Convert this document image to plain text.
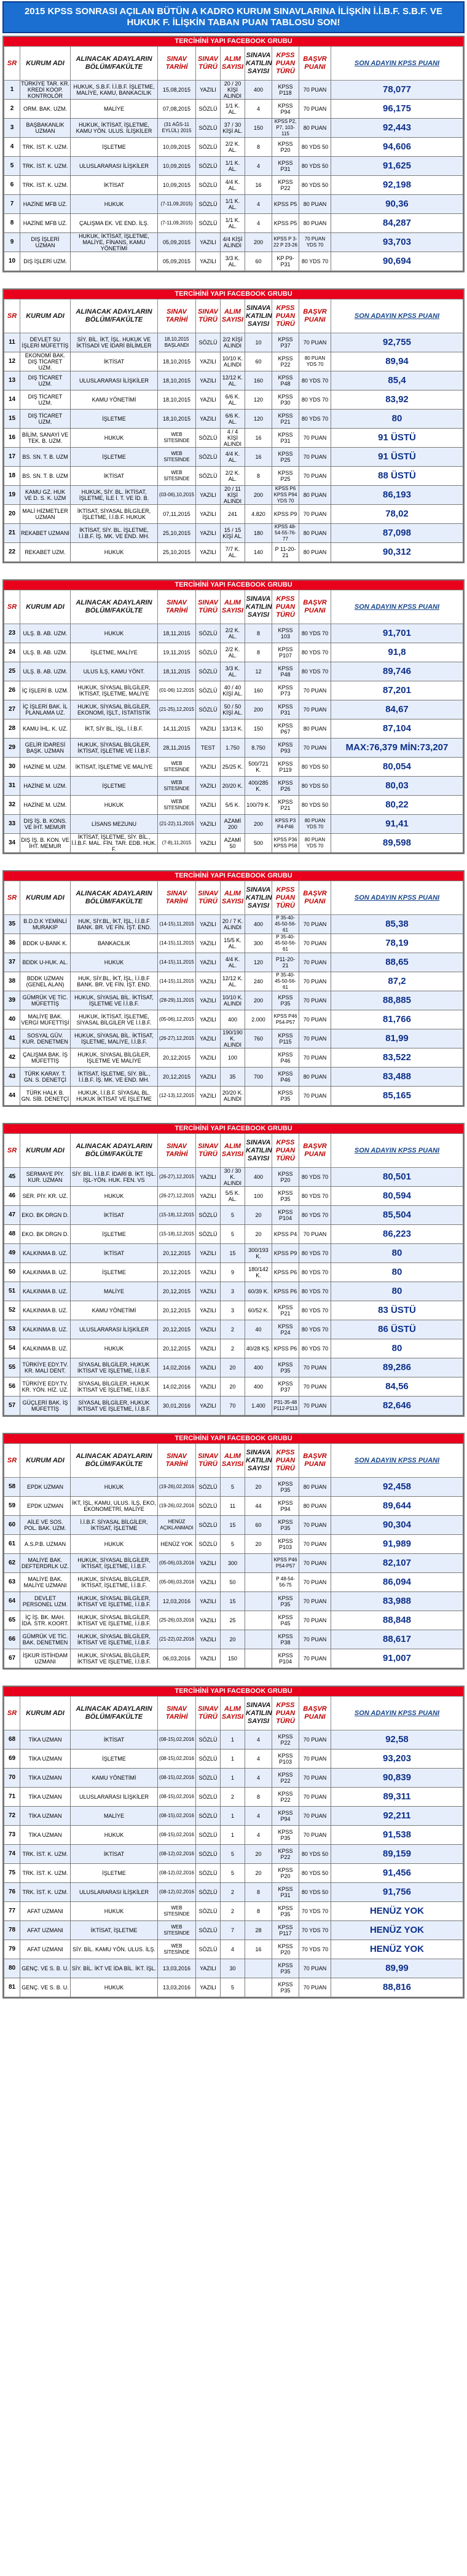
2015 KPSS SONRASI AÇILAN BÜTÜN A KADRO KURUM SINAVLARINA İLİŞKİN İ.İ.B.F. S.B.F. VE HUKUK F. İLİŞKİN TABAN PUAN TABLOSU SON!
TERCİHİNİ YAPI FACEBOOK GRUBU
SR	KURUM ADI	ALINACAK ADAYLARIN BÖLÜM/FAKÜLTE	SINAV TARİHİ	SINAV TÜRÜ	ALIM SAYISI	SINAVA KATILIN SAYISI	KPSS PUAN TÜRÜ	BAŞVR PUANI	SON ADAYIN KPSS PUANI
1	TÜRKİYE TAR. KR. KREDİ KOOP. KONTROLÖR	HUKUK, S.B.F. İ.İ.B.F. İŞLETME, MALİYE, KAMU, BANKACILIK	15,08,2015	YAZILI	20 / 20 KİŞİ ALINDI	400	KPSS P118	70 PUAN	78,077
2	ORM. BAK. UZM.	MALİYE	07,08,2015	SÖZLÜ	1/1 K. AL.	4	KPSS P94	70 PUAN	96,175
3	BAŞBAKANLIK UZMAN	HUKUK, İKTİSAT, İŞLETME, KAMU YÖN. ULUS. İLİŞKİLER	(31 AĞS-11 EYLÜL) 2015	SÖZLÜ	37 / 30 KİŞİ AL.	150	KPSS P2, P7, 103-115	80 PUAN	92,443
4	TRK. İST. K. UZM.	İŞLETME	10,09,2015	SÖZLÜ	2/2 K. AL.	8	KPSS P20	80 YDS 50	94,606
5	TRK. İST. K. UZM.	ULUSLARARASI İLİŞKİLER	10,09,2015	SÖZLÜ	1/1 K. AL.	4	KPSS P31	80 YDS 50	91,625
6	TRK. İST. K. UZM.	İKTİSAT	10,09,2015	SÖZLÜ	4/4 K. AL.	16	KPSS P22	80 YDS 50	92,198
7	HAZİNE MFB UZ.	HUKUK	(7-11,09,2015)	SÖZLÜ	1/1 K. AL.	4	KPSS P5	80 PUAN	90,36
8	HAZİNE MFB UZ.	ÇALIŞMA EK. VE END. İLŞ.	(7-11,09,2015)	SÖZLÜ	1/1 K. AL.	4	KPSS P5	80 PUAN	84,287
9	DIŞ İŞLERİ UZMAN	HUKUK, İKTİSAT, İŞLETME, MALİYE, FİNANS, KAMU YÖNETİMİ	05,09,2015	YAZILI	4/4 KİŞİ ALINDI	200	KPSS P 3-22 P 23-26	70 PUAN YDS 70	93,703
10	DIŞ İŞLERİ UZM.		05,09,2015	YAZILI	3/3 K. AL.	60	KP P9-P31	80 YDS 70	90,694
TERCİHİNİ YAPI FACEBOOK GRUBU
SR	KURUM ADI	ALINACAK ADAYLARIN BÖLÜM/FAKÜLTE	SINAV TARİHİ	SINAV TÜRÜ	ALIM SAYISI	SINAVA KATILIN SAYISI	KPSS PUAN TÜRÜ	BAŞVR PUANI	SON ADAYIN KPSS PUANI
11	DEVLET SU İŞLERİ MÜFETTİŞ	SİY. BİL. İKT, İŞL. HUKUK VE İKTİSADİ VE İDARİ BİLİMLER	18,10,2015 BAŞLANDI	SÖZLÜ	2/2 KİŞİ ALINDI	10	KPSS P37	70 PUAN	92,755
12	EKONOMİ BAK. DIŞ TİCARET UZM.	İKTİSAT	18,10,2015	YAZILI	10/10 K. ALINDI	60	KPSS P22	80 PUAN YDS 70	89,94
13	DIŞ TİCARET UZM.	ULUSLARARASI İLİŞKİLER	18,10,2015	YAZILI	12/12 K. AL.	160	KPSS P48	80 YDS 70	85,4
14	DIŞ TİCARET UZM.	KAMU YÖNETİMİ	18,10,2015	YAZILI	6/6 K. AL.	120	KPSS P30	80 YDS 70	83,92
15	DIŞ TİCARET UZM.	İŞLETME	18,10,2015	YAZILI	6/6 K. AL.	120	KPSS P21	80 YDS 70	80
16	BİLİM, SANAYİ VE TEK. B. UZM.	HUKUK	WEB SİTESİNDE	SÖZLÜ	4 / 4 KİŞİ ALINDI	16	KPSS P31	70 PUAN	91 ÜSTÜ
17	BS. SN. T. B. UZM	İŞLETME	WEB SİTESİNDE	SÖZLÜ	4/4 K. AL.	16	KPSS P25	70 PUAN	91 ÜSTÜ
18	BS. SN. T. B. UZM	İKTİSAT	WEB SİTESİNDE	SÖZLÜ	2/2 K. AL.	8	KPSS P25	70 PUAN	88 ÜSTÜ
19	KAMU GZ. HUK VE D. S. K. UZM	HUKUK, SİY. BL. İKTİSAT, İŞLETME, İLE İ. T. VE İD. B.	(03-06),10,2015	YAZILI	20 / 11 KİŞİ ALINDI	200	KPSS P6 KPSS P94 YDS 70	80 PUAN	86,193
20	MALİ HİZMETLER UZMAN	İKTİSAT, SİYASAL BİLGİLER, İŞLETME, İ.İ.B.F. HUKUK	07,11,2015	YAZILI	241	4.820	KPSS P9	70 PUAN	78,02
21	REKABET UZMANI	İKTİSAT, SİY. BL. İŞLETME, İ.İ.B.F. İŞ. MK. VE END. MH.	25,10,2015	YAZILI	15 / 15 KİŞİ AL.	180	KPSS 48-54-55-76-77	80 PUAN	87,098
22	REKABET UZM.	HUKUK	25,10,2015	YAZILI	7/7 K. AL.	140	P 11-20-21	80 PUAN	90,312
TERCİHİNİ YAPI FACEBOOK GRUBU
SR	KURUM ADI	ALINACAK ADAYLARIN BÖLÜM/FAKÜLTE	SINAV TARİHİ	SINAV TÜRÜ	ALIM SAYISI	SINAVA KATILIN SAYISI	KPSS PUAN TÜRÜ	BAŞVR PUANI	SON ADAYIN KPSS PUANI
23	ULŞ. B. AB. UZM.	HUKUK	18,11,2015	SÖZLÜ	2/2 K. AL.	8	KPSS 103	80 YDS 70	91,701
24	ULŞ. B. AB. UZM.	İŞLETME, MALİYE	19,11,2015	SÖZLÜ	2/2 K. AL.	8	KPSS P107	80 YDS 70	91,8
25	ULŞ. B. AB. UZM.	ULUS İLŞ, KAMU YÖNT.	18,11,2015	SÖZLÜ	3/3 K. AL.	12	KPSS P48	80 YDS 70	89,746
26	İÇ İŞLERİ B. UZM.	HUKUK, SİYASAL BİLGİLER, İKTİSAT, İŞLETME, MALİYE	(01-06) 12,2015	SÖZLÜ	40 / 40 KİŞİ AL.	160	KPSS P73	70 PUAN	87,201
27	İÇ İŞLERİ BAK. İL PLANLAMA UZ.	HUKUK, SİYASAL BİLGİLER, EKONOMİ, İŞLT., İSTATİSTİK	(21-25),12,2015	SÖZLÜ	50 / 50 KİŞİ AL.	200	KPSS P31	70 PUAN	84,67
28	KAMU İHL. K. UZ.	İKT, SİY BL, İŞL, İ.İ.B.F.	14,11,2015	YAZILI	13/13 K.	150	KPSS P67	80 PUAN	87,104
29	GELİR İDARESİ BAŞK. UZMAN	HUKUK, SİYASAL BİLGİLER, İKTİSAT, İŞLETME VE İ.İ.B.F.	28,11,2015	TEST	1.750	8.750	KPSS P93	70 PUAN	MAX:76,379 MİN:73,207
30	HAZİNE M. UZM.	İKTİSAT, İŞLETME VE MALİYE	WEB SİTESİNDE	YAZILI	25/25 K.	500/721 K.	KPSS P119	80 YDS 50	80,054
31	HAZİNE M. UZM.	İŞLETME	WEB SİTESİNDE	YAZILI	20/20 K.	400/285 K.	KPSS P26	80 YDS 50	80,03
32	HAZİNE M. UZM.	HUKUK	WEB SİTESİNDE	YAZILI	5/5 K.	100/79 K.	KPSS P21	80 YDS 50	80,22
33	DIŞ İŞ. B. KONS. VE İHT. MEMUR	LİSANS MEZUNU	(21-22),11,2015	YAZILI	AZAMİ 200	200	KPSS P3 P4-P46	80 PUAN YDS 70	91,41
34	DIŞ İŞ. B. KON. VE İHT. MEMUR	İKTİSAT, İŞLETME, SİY. BİL., İ.İ.B.F. MAL. FİN. TAR. EDB. HUK. F.	(7-8),11,2015	YAZILI	AZAMİ 50	500	KPSS P36 KPSS P58	80 PUAN YDS 70	89,598
TERCİHİNİ YAPI FACEBOOK GRUBU
SR	KURUM ADI	ALINACAK ADAYLARIN BÖLÜM/FAKÜLTE	SINAV TARİHİ	SINAV TÜRÜ	ALIM SAYISI	SINAVA KATILIN SAYISI	KPSS PUAN TÜRÜ	BAŞVR PUANI	SON ADAYIN KPSS PUANI
35	B.D.D.K YEMİNLİ MURAKIP	HUK, SİY.BL, İKT, İŞL, İ.İ.B.F BANK. BR. VE FİN. İŞT. END.	(14-15),11,2015	YAZILI	20 / 7 K. ALINDI	400	P 35-40-45-50-56-61	70 PUAN	85,38
36	BDDK U-BANK K.	BANKACILIK	(14-15),11,2015	YAZILI	15/5 K. AL.	300	P 35-40-45-50-56-61	70 PUAN	78,19
37	BDDK U-HUK. AL.	HUKUK	(14-15),11,2015	YAZILI	4/4 K. AL.	120	P11-20-21	70 PUAN	88,65
38	BDDK UZMAN (GENEL ALAN)	HUK, SİY.BL, İKT, İŞL, İ.İ.B.F BANK. BR. VE FİN. İŞT. END.	(14-15),11,2015	YAZILI	12/12 K. AL.	240	P 35-40-45-50-56-61	70 PUAN	87,2
39	GÜMRÜK VE TİC. MÜFETTİŞ	HUKUK, SİYASAL BİL. İKTİSAT, İŞLETME VE İ.İ.B.F.	(28-29),11,2015	YAZILI	10/10 K. ALINDI	200	KPSS P35	70 PUAN	88,885
40	MALİYE BAK. VERGİ MÜFETTİŞİ	HUKUK, İKTİSAT, İŞLETME, SİYASAL BİLGİLER VE İ.İ.B.F.	(05-06),12,2015	YAZILI	400	2.000	KPSS P46 P54-P57	70 PUAN	81,766
41	SOSYAL GÜV. KUR. DENETMEN	HUKUK, SİYASAL BİL. İKTİSAT, İŞLETME, MALİYE, İ.İ.B.F.	(26-27),12,2015	YAZILI	190/190 K. ALINDI	760	KPSS P115	70 PUAN	81,99
42	ÇALIŞMA BAK. İŞ MÜFETTİŞ	HUKUK, SİYASAL BİLGİLER, İŞLETME VE MALİYE	20,12,2015	YAZILI	100		KPSS P46	70 PUAN	83,522
43	TÜRK KARAY. T. GN. S. DENETÇİ	İKTİSAT, İŞLETME, SİY. BİL., İ.İ.B.F. İŞ. MK. VE END. MH.	20,12,2015	YAZILI	35	700	KPSS P46	80 PUAN	83,488
44	TÜRK HALK B. GN. SİB. DENETÇİ	HUKUK, İ.İ.B.F. SİYASAL BL. HUKUK İKTİSAT VE İŞLETME	(12-13),12,2015	YAZILI	20/20 K. ALINDI		KPSS P35	70 PUAN	85,165
TERCİHİNİ YAPI FACEBOOK GRUBU
SR	KURUM ADI	ALINACAK ADAYLARIN BÖLÜM/FAKÜLTE	SINAV TARİHİ	SINAV TÜRÜ	ALIM SAYISI	SINAVA KATILIN SAYISI	KPSS PUAN TÜRÜ	BAŞVR PUANI	SON ADAYIN KPSS PUANI
45	SERMAYE PİY. KUR. UZMAN	SİY. BİL. İ.İ.B.F. İDARİ B. İKT. İŞL. İŞL-YÖN. HUK. FEN. VS	(26-27),12,2015	YAZILI	30 / 30 K. ALINDI	400	KPSS P20	80 YDS 70	80,501
46	SER. PİY. KR. UZ.	HUKUK	(26-27),12,2015	YAZILI	5/5 K. AL.	100	KPSS P35	80 YDS 70	80,594
47	EKO. BK DRGN D.	İKTİSAT	(15-18),12,2015	SÖZLÜ	5	20	KPSS P104	80 YDS 70	85,504
48	EKO. BK DRGN D.	İŞLETME	(15-18),12,2015	SÖZLÜ	5	20	KPSS P4	70 PUAN	86,223
49	KALKINMA B. UZ.	İKTİSAT	20,12,2015	YAZILI	15	300/193 K.	KPSS P9	80 YDS 70	80
50	KALKINMA B. UZ.	İŞLETME	20,12,2015	YAZILI	9	180/142 K.	KPSS P6	80 YDS 70	80
51	KALKINMA B. UZ.	MALİYE	20,12,2015	YAZILI	3	60/39 K.	KPSS P6	80 YDS 70	80
52	KALKINMA B. UZ.	KAMU YÖNETİMİ	20,12,2015	YAZILI	3	60/52 K.	KPSS P21	80 YDS 70	83 ÜSTÜ
53	KALKINMA B. UZ.	ULUSLARARASI İLİŞKİLER	20,12,2015	YAZILI	2	40	KPSS P24	80 YDS 70	86 ÜSTÜ
54	KALKINMA B. UZ.	HUKUK	20,12,2015	YAZILI	2	40/28 KŞ.	KPSS P6	80 YDS 70	80
55	TÜRKİYE EDY.TV. KR. MALİ DENT.	SİYASAL BİLGİLER, HUKUK İKTİSAT VE İŞLETME, İ.İ.B.F.	14,02,2016	YAZILI	20	400	KPSS P35	70 PUAN	89,286
56	TÜRKİYE EDY.TV. KR. YÖN. HİZ. UZ.	SİYASAL BİLGİLER, HUKUK İKTİSAT VE İŞLETME, İ.İ.B.F.	14,02,2016	YAZILI	20	400	KPSS P37	70 PUAN	84,56
57	GÜÇLERİ BAK. İŞ MÜFETTİŞ	SİYASAL BİLGİLER, HUKUK İKTİSAT VE İŞLETME, İ.İ.B.F.	30,01,2016	YAZILI	70	1.400	P31-35-48 P112-P113	70 PUAN	82,646
TERCİHİNİ YAPI FACEBOOK GRUBU
SR	KURUM ADI	ALINACAK ADAYLARIN BÖLÜM/FAKÜLTE	SINAV TARİHİ	SINAV TÜRÜ	ALIM SAYISI	SINAVA KATILIN SAYISI	KPSS PUAN TÜRÜ	BAŞVR PUANI	SON ADAYIN KPSS PUANI
58	EPDK UZMAN	HUKUK	(19-26),02,2016	SÖZLÜ	5	20	KPSS P35	80 PUAN	92,458
59	EPDK UZMAN	İKT, İŞL, KAMU, ULUS. İLŞ, EKO, EKONOMETRİ, MALİYE	(19-26),02,2016	SÖZLÜ	11	44	KPSS P94	80 PUAN	89,644
60	AİLE VE SOS. POL. BAK. UZM.	İ.İ.B.F. SİYASAL BİLGİLER, İKTİSAT, İŞLETME	HENÜZ AÇIKLANMADI	SÖZLÜ	15	60	KPSS P35	70 PUAN	90,304
61	A.S.P.B. UZMAN	HUKUK	HENÜZ YOK	SÖZLÜ	5	20	KPSS P103	70 PUAN	91,989
62	MALİYE BAK. DEFTERDRLK UZ.	HUKUK, SİYASAL BİLGİLER, İKTİSAT, İŞLETME, İ.İ.B.F.	(05-06),03,2016	YAZILI	300		KPSS P46 P54-P57	70 PUAN	82,107
63	MALİYE BAK. MALİYE UZMANI	HUKUK, SİYASAL BİLGİLER, İKTİSAT, İŞLETME, İ.İ.B.F.	(05-06),03,2016	YAZILI	50		P 48-54-56-75	70 PUAN	86,094
64	DEVLET PERSONEL UZM.	HUKUK, SİYASAL BİLGİLER, İKTİSAT VE İŞLETME, İ.İ.B.F.	12,03,2016	YAZILI	15		KPSS P35	70 PUAN	83,988
65	İÇ İŞ. BK. MAH. İDA. STR. KOORT.	HUKUK, SİYASAL BİLGİLER, İKTİSAT VE İŞLETME, İ.İ.B.F.	(25-26),03,2016	YAZILI	25		KPSS P45	70 PUAN	88,848
66	GÜMRÜK VE TİC. BAK. DENETMEN	HUKUK, SİYASAL BİLGİLER, İKTİSAT VE İŞLETME, İ.İ.B.F.	(21-22),02,2016	YAZILI	20		KPSS P38	70 PUAN	88,617
67	İŞKUR İSTİHDAM UZMANI	HUKUK, SİYASAL BİLGİLER, İKTİSAT VE İŞLETME, İ.İ.B.F.	06,03,2016	YAZILI	150		KPSS P104	70 PUAN	91,007
TERCİHİNİ YAPI FACEBOOK GRUBU
SR	KURUM ADI	ALINACAK ADAYLARIN BÖLÜM/FAKÜLTE	SINAV TARİHİ	SINAV TÜRÜ	ALIM SAYISI	SINAVA KATILIN SAYISI	KPSS PUAN TÜRÜ	BAŞVR PUANI	SON ADAYIN KPSS PUANI
68	TİKA UZMAN	İKTİSAT	(08-15),02,2016	SÖZLÜ	1	4	KPSS P22	70 PUAN	92,58
69	TİKA UZMAN	İŞLETME	(08-15),02,2016	SÖZLÜ	1	4	KPSS P103	70 PUAN	93,203
70	TİKA UZMAN	KAMU YÖNETİMİ	(08-15),02,2016	SÖZLÜ	1	4	KPSS P22	70 PUAN	90,839
71	TİKA UZMAN	ULUSLARARASI İLİŞKİLER	(08-15),02,2016	SÖZLÜ	2	8	KPSS P22	70 PUAN	89,311
72	TİKA UZMAN	MALİYE	(08-15),02,2016	SÖZLÜ	1	4	KPSS P94	70 PUAN	92,211
73	TİKA UZMAN	HUKUK	(08-15),02,2016	SÖZLÜ	1	4	KPSS P35	70 PUAN	91,538
74	TRK. İST. K. UZM.	İKTİSAT	(08-12),02,2016	SÖZLÜ	5	20	KPSS P22	80 YDS 50	89,159
75	TRK. İST. K. UZM.	İŞLETME	(08-12),02,2016	SÖZLÜ	5	20	KPSS P20	80 YDS 50	91,456
76	TRK. İST. K. UZM.	ULUSLARARASI İLİŞKİLER	(08-12),02,2016	SÖZLÜ	2	8	KPSS P31	80 YDS 50	91,756
77	AFAT UZMANI	HUKUK	WEB SİTESİNDE	SÖZLÜ	2	8	KPSS P35	70 YDS 70	HENÜZ YOK
78	AFAT UZMANI	İKTİSAT, İŞLETME	WEB SİTESİNDE	SÖZLÜ	7	28	KPSS P117	70 YDS 70	HENÜZ YOK
79	AFAT UZMANI	SİY. BİL. KAMU YÖN. ULUS. İLŞ.	WEB SİTESİNDE	SÖZLÜ	4	16	KPSS P20	70 YDS 70	HENÜZ YOK
80	GENÇ. VE S. B. U.	SİY. BİL. İKT VE İDA BİL. İKT. İŞL.	13,03,2016	YAZILI	30		KPSS P35	70 PUAN	89,99
81	GENÇ. VE S. B. U.	HUKUK	13,03,2016	YAZILI	5		KPSS P35	70 PUAN	88,816
